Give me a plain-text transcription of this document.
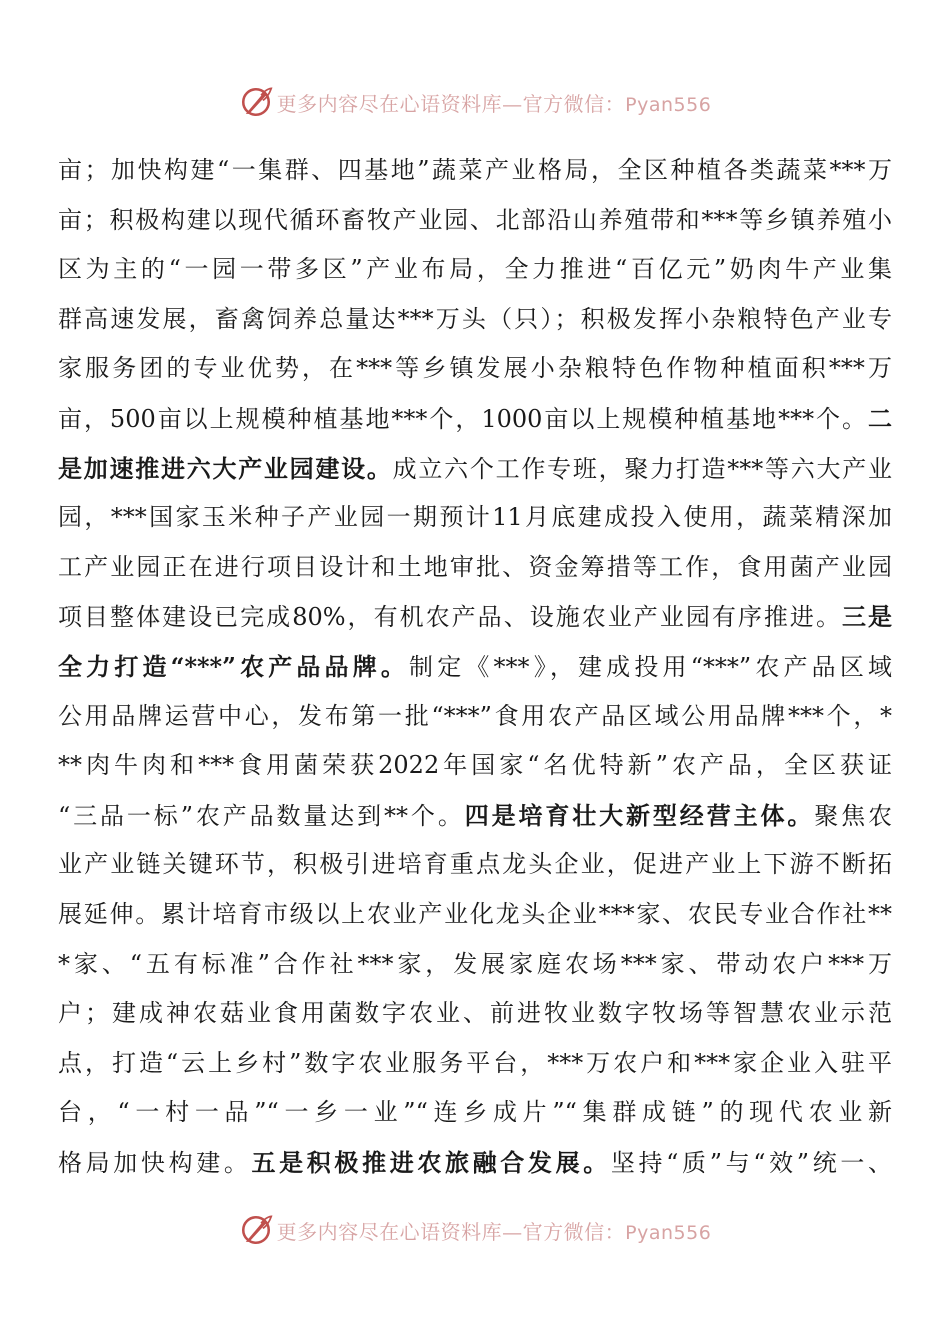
更多内容尽在心语资料库—官方微信：Pyan556
亩；加快构建“一集群、四基地”蔬菜产业格局，全区种植各类蔬菜***万
亩；积极构建以现代循环畜牧产业园、北部沿山养殖带和***等乡镇养殖小
区为主的“一园一带多区”产业布局，全力推进“百亿元”奶肉牛产业集
群高速发展，畜禽饲养总量达***万头（只）；积极发挥小杂粮特色产业专
家服务团的专业优势，在***等乡镇发展小杂粮特色作物种植面积***万
亩，500亩以上规模种植基地***个，1000亩以上规模种植基地***个。二
是加速推进六大产业园建设。成立六个工作专班，聚力打造***等六大产业
园，***国家玉米种子产业园一期预计11月底建成投入使用，蔬菜精深加
工产业园正在进行项目设计和土地审批、资金筹措等工作，食用菌产业园
项目整体建设已完成80%，有机农产品、设施农业产业园有序推进。三是
全力打造“***”农产品品牌。制定《***》，建成投用“***”农产品区域
公用品牌运营中心，发布第一批“***”食用农产品区域公用品牌***个，*
**肉牛肉和***食用菌荣获2022年国家“名优特新”农产品，全区获证
“三品一标”农产品数量达到**个。四是培育壮大新型经营主体。聚焦农
业产业链关键环节，积极引进培育重点龙头企业，促进产业上下游不断拓
展延伸。累计培育市级以上农业产业化龙头企业***家、农民专业合作社**
*家、“五有标准”合作社***家，发展家庭农场***家、带动农户***万
户；建成神农菇业食用菌数字农业、前进牧业数字牧场等智慧农业示范
点，打造“云上乡村”数字农业服务平台，***万农户和***家企业入驻平
台，“一村一品”“一乡一业”“连乡成片”“集群成链”的现代农业新
格局加快构建。五是积极推进农旅融合发展。坚持“质”与“效”统一、
更多内容尽在心语资料库—官方微信：Pyan556
